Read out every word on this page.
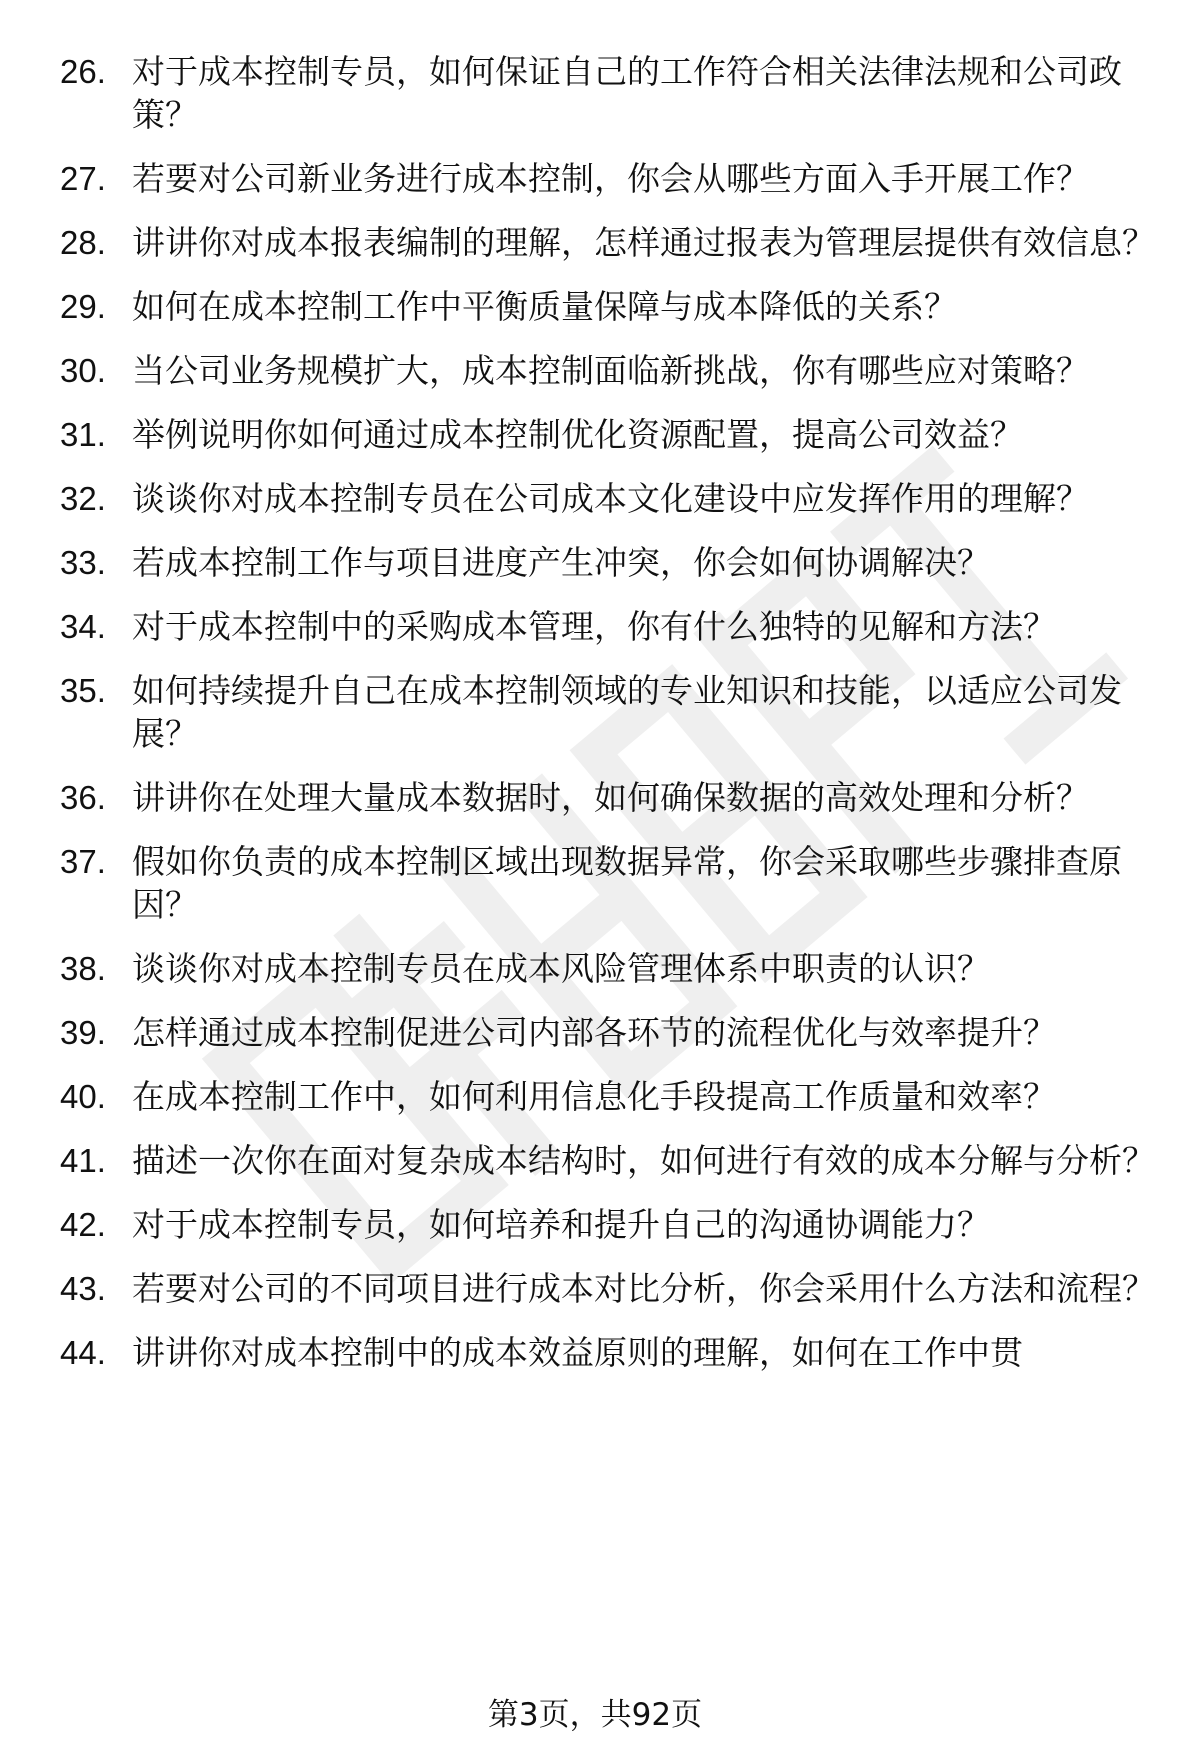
26. 对于成本控制专员，如何保证自己的工作符合相关法律法规和公司政策？
27. 若要对公司新业务进行成本控制，你会从哪些方面入手开展工作？
28. 讲讲你对成本报表编制的理解，怎样通过报表为管理层提供有效信息？
29. 如何在成本控制工作中平衡质量保障与成本降低的关系？
30. 当公司业务规模扩大，成本控制面临新挑战，你有哪些应对策略？
31. 举例说明你如何通过成本控制优化资源配置，提高公司效益？
32. 谈谈你对成本控制专员在公司成本文化建设中应发挥作用的理解？
33. 若成本控制工作与项目进度产生冲突，你会如何协调解决？
34. 对于成本控制中的采购成本管理，你有什么独特的见解和方法？
35. 如何持续提升自己在成本控制领域的专业知识和技能，以适应公司发展？
36. 讲讲你在处理大量成本数据时，如何确保数据的高效处理和分析？
37. 假如你负责的成本控制区域出现数据异常，你会采取哪些步骤排查原因？
38. 谈谈你对成本控制专员在成本风险管理体系中职责的认识？
39. 怎样通过成本控制促进公司内部各环节的流程优化与效率提升？
40. 在成本控制工作中，如何利用信息化手段提高工作质量和效率？
41. 描述一次你在面对复杂成本结构时，如何进行有效的成本分解与分析？
42. 对于成本控制专员，如何培养和提升自己的沟通协调能力？
43. 若要对公司的不同项目进行成本对比分析，你会采用什么方法和流程？
44. 讲讲你对成本控制中的成本效益原则的理解，如何在工作中贯
第3页，共92页
